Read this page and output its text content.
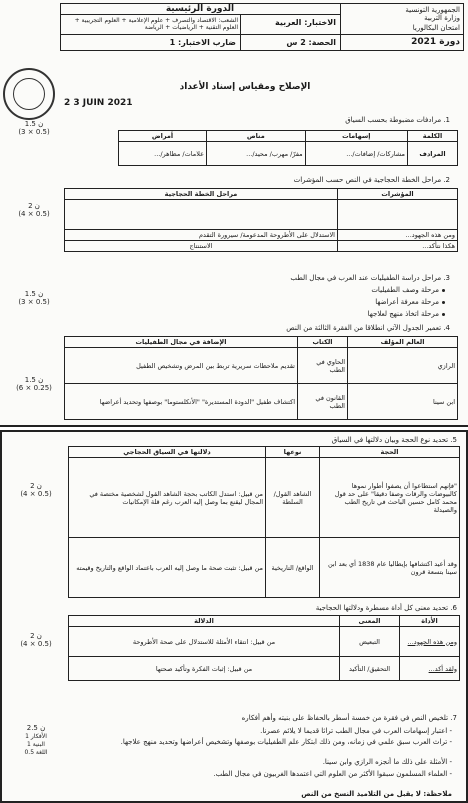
الجمهورية التونسية
وزارة التربية
امتحان البكالوريا
دورة 2021
الدورة الرئيسية
الشعب: الاقتصاد والتصرف + علوم الإعلامية + العلوم التجريبية + العلوم التقنية + الرياضيات + الرياضة
الاختبار: العربية
الحصة: 2 س
ضارب الاختبار: 1
الإصلاح ومقياس إسناد الأعداد
2 3 JUIN 2021
1. مرادفات مضبوطة بحسب السياق
1.5 ن
(3 × 0.5)	الكلمة	إسهامات	مناص	أمراض
المرادف	مشاركات/ إضافات/...	مفرّ/ مهرب/ محيد/...	علامات/ مظاهر/...
2. مراحل الخطة الحجاجية في النص حسب المؤشرات
2 ن
(4 × 0.5)
المؤشرات	مراحل الخطة الحجاجية

ومن هذه الجهود...	الاستدلال على الأطروحة المدعومة/ سيرورة التقدم
هكذا نتأكد...	الاستنتاج
3. مراحل دراسة الطفيليات عند العرب في مجال الطب
1.5 ن
(3 × 0.5)
مرحلة وصف الطفيليات
مرحلة معرفة أعراضها
مرحلة اتخاذ منهج لعلاجها
4. تعمير الجدول الآتي انطلاقا من الفقرة الثالثة من النص
1.5 ن
(6 × 0.25)
العالم المؤلف	الكتاب	الإضافة في مجال الطفيليات
الرازي	الحاوي في الطب	تقديم ملاحظات سريرية تربط بين المرض وتشخيص الطفيل
ابن سينا	القانون في الطب	اكتشاف طفيل "الدودة المستديرة" "الأنكلستوما" بوصفها وتحديد أعراضها
5. تحديد نوع الحجة وبيان دلالتها في السياق
2 ن
(4 × 0.5)
الحجة	نوعها	دلالتها في السياق الحجاجي
"فإنهم استطاعوا أن يصفوا أطوار نموها كالبيوضات والرقات وصفا دقيقا" على حد قول محمد كامل حسين الباحث في تاريخ الطب والصيدلة	الشاهد القول/ السلطة	من قبيل: استدل الكاتب بحجة الشاهد القول لشخصية مختصة في المجال ليقنع بما وصل إليه العرب رغم قلة الإمكانيات
وقد أعيد اكتشافها بإيطاليا عام 1838 أي بعد ابن سينا بتسعة قرون	الواقع/ التاريخية	من قبيل: تثبت صحة ما وصل إليه العرب باعتماد الواقع والتاريخ وقيمته
6. تحديد معنى كل أداة مسطرة ودلالتها الحجاجية
2 ن
(4 × 0.5)
الأداة	المعنى	الدلالة
ومن هذه الجهود...	التبعيض	من قبيل: انتقاء الأمثلة للاستدلال على صحة الأطروحة
ولقد أكد...	التحقيق/ التأكيد	من قبيل: إثبات الفكرة وتأكيد صحتها
7. تلخيص النص في فقرة من خمسة أسطر بالحفاظ على بنيته وأهم أفكاره
2.5 ن
1 الأفكار
1 البنية
0.5 اللغة
- اعتبار إسهامات العرب في مجال الطب تراثا قديما لا يلائم عصرنا.
- تراث العرب سبق علمي في زمانه، ومن ذلك ابتكار علم الطفيليات بوصفها وتشخيص أعراضها وتحديد منهج علاجها.
- الأمثلة على ذلك ما أنجزه الرازي وابن سينا.
- العلماء المسلمون سبقوا الأكثر من العلوم التي اعتمدها الغربيون في مجال الطب.
ملاحظة: لا يقبل من التلاميذ النسخ من النص
